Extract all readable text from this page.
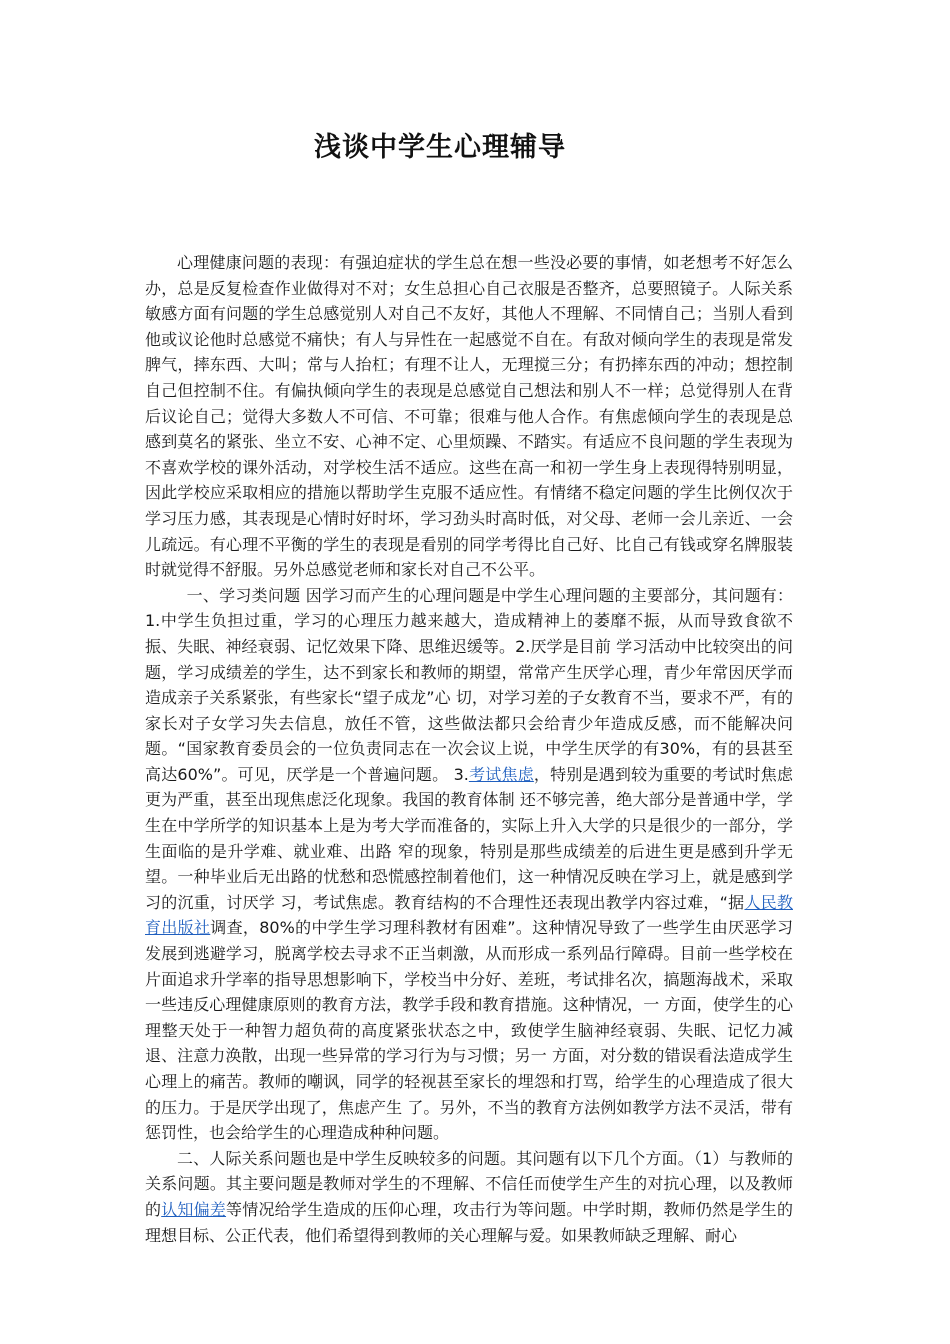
浅谈中学生心理辅导

心理健康问题的表现：有强迫症状的学生总在想一些没必要的事情，如老想考不好怎么办，总是反复检查作业做得对不对；女生总担心自己衣服是否整齐，总要照镜子。人际关系敏感方面有问题的学生总感觉别人对自己不友好，其他人不理解、不同情自己；当别人看到他或议论他时总感觉不痛快；有人与异性在一起感觉不自在。有敌对倾向学生的表现是常发脾气，摔东西、大叫；常与人抬杠；有理不让人，无理搅三分；有扔摔东西的冲动；想控制自己但控制不住。有偏执倾向学生的表现是总感觉自己想法和别人不一样；总觉得别人在背后议论自己；觉得大多数人不可信、不可靠；很难与他人合作。有焦虑倾向学生的表现是总感到莫名的紧张、坐立不安、心神不定、心里烦躁、不踏实。有适应不良问题的学生表现为不喜欢学校的课外活动，对学校生活不适应。这些在高一和初一学生身上表现得特别明显，因此学校应采取相应的措施以帮助学生克服不适应性。有情绪不稳定问题的学生比例仅次于学习压力感，其表现是心情时好时坏，学习劲头时高时低，对父母、老师一会儿亲近、一会儿疏远。有心理不平衡的学生的表现是看别的同学考得比自己好、比自己有钱或穿名牌服装时就觉得不舒服。另外总感觉老师和家长对自己不公平。

一、学习类问题 因学习而产生的心理问题是中学生心理问题的主要部分，其问题有：1.中学生负担过重，学习的心理压力越来越大，造成精神上的萎靡不振，从而导致食欲不振、失眠、神经衰弱、记忆效果下降、思维迟缓等。2.厌学是目前 学习活动中比较突出的问题，学习成绩差的学生，达不到家长和教师的期望，常常产生厌学心理，青少年常因厌学而造成亲子关系紧张，有些家长“望子成龙”心 切，对学习差的子女教育不当，要求不严，有的家长对子女学习失去信息，放任不管，这些做法都只会给青少年造成反感，而不能解决问题。“国家教育委员会的一位负责同志在一次会议上说，中学生厌学的有30%，有的县甚至高达60%”。可见，厌学是一个普遍问题。 3.考试焦虑，特别是遇到较为重要的考试时焦虑更为严重，甚至出现焦虑泛化现象。我国的教育体制 还不够完善，绝大部分是普通中学，学生在中学所学的知识基本上是为考大学而准备的，实际上升入大学的只是很少的一部分，学生面临的是升学难、就业难、出路 窄的现象，特别是那些成绩差的后进生更是感到升学无望。一种毕业后无出路的忧愁和恐慌感控制着他们，这一种情况反映在学习上，就是感到学习的沉重，讨厌学 习，考试焦虑。教育结构的不合理性还表现出教学内容过难，“据人民教育出版社调查，80%的中学生学习理科教材有困难”。这种情况导致了一些学生由厌恶学习发展到逃避学习，脱离学校去寻求不正当刺激，从而形成一系列品行障碍。目前一些学校在 片面追求升学率的指导思想影响下，学校当中分好、差班，考试排名次，搞题海战术，采取一些违反心理健康原则的教育方法，教学手段和教育措施。这种情况，一 方面，使学生的心理整天处于一种智力超负荷的高度紧张状态之中，致使学生脑神经衰弱、失眠、记忆力减退、注意力涣散，出现一些异常的学习行为与习惯；另一 方面，对分数的错误看法造成学生心理上的痛苦。教师的嘲讽，同学的轻视甚至家长的埋怨和打骂，给学生的心理造成了很大的压力。于是厌学出现了，焦虑产生 了。另外，不当的教育方法例如教学方法不灵活，带有惩罚性，也会给学生的心理造成种种问题。

二、人际关系问题也是中学生反映较多的问题。其问题有以下几个方面。（1）与教师的 关系问题。其主要问题是教师对学生的不理解、不信任而使学生产生的对抗心理，以及教师的认知偏差等情况给学生造成的压仰心理，攻击行为等问题。中学时期，教师仍然是学生的理想目标、公正代表，他们希望得到教师的关心理解与爱。如果教师缺乏理解、耐心
